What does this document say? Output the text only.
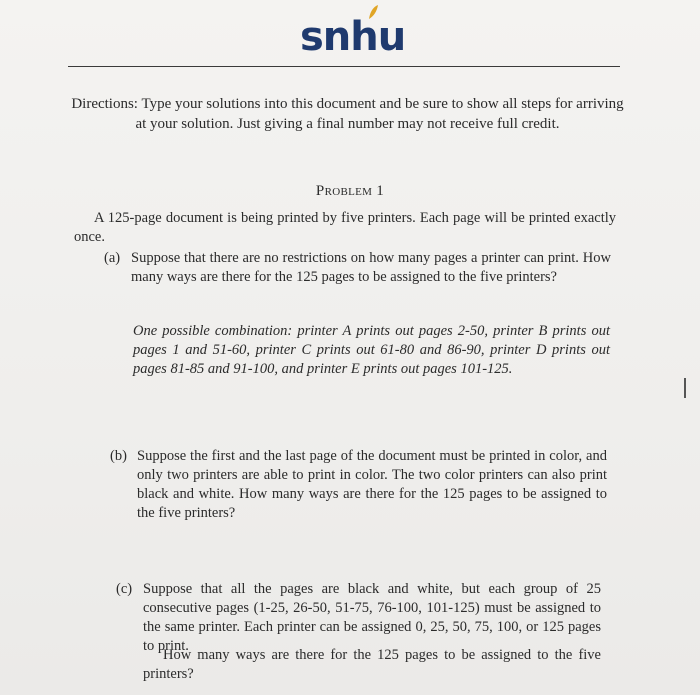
snhu
Directions: Type your solutions into this document and be sure to show all steps for arriving at your solution. Just giving a final number may not receive full credit.
Problem 1
A 125-page document is being printed by five printers. Each page will be printed exactly once.
(a) Suppose that there are no restrictions on how many pages a printer can print. How many ways are there for the 125 pages to be assigned to the five printers?
One possible combination: printer A prints out pages 2-50, printer B prints out pages 1 and 51-60, printer C prints out 61-80 and 86-90, printer D prints out pages 81-85 and 91-100, and printer E prints out pages 101-125.
(b) Suppose the first and the last page of the document must be printed in color, and only two printers are able to print in color. The two color printers can also print black and white. How many ways are there for the 125 pages to be assigned to the five printers?
(c) Suppose that all the pages are black and white, but each group of 25 consecutive pages (1-25, 26-50, 51-75, 76-100, 101-125) must be assigned to the same printer. Each printer can be assigned 0, 25, 50, 75, 100, or 125 pages to print.
How many ways are there for the 125 pages to be assigned to the five printers?
